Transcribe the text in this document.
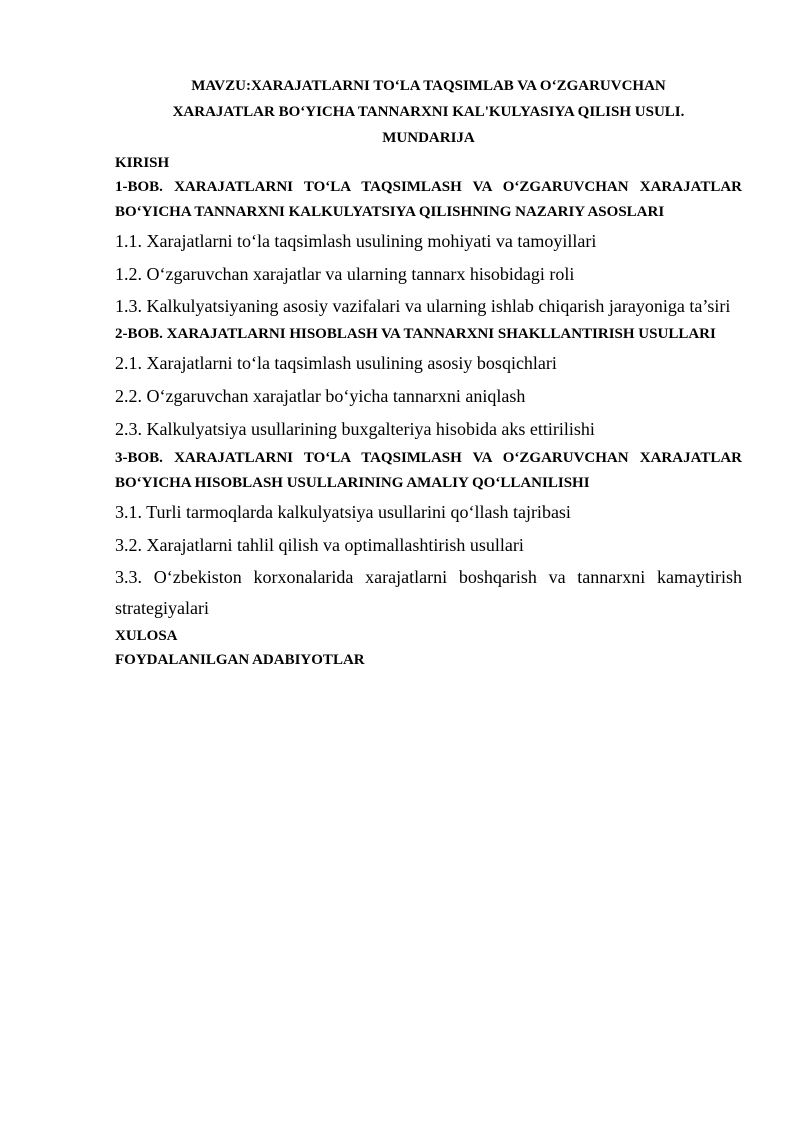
MAVZU:XARAJATLARNI TO‘LA TAQSIMLAB VA O‘ZGARUVCHAN
XARAJATLAR BO‘YICHA TANNARXNI KAL'KULYASIYA QILISH USULI.
MUNDARIJA
KIRISH
1-BOB. XARAJATLARNI TO‘LA TAQSIMLASH VA O‘ZGARUVCHAN XARAJATLAR BO‘YICHA TANNARXNI KALKULYATSIYA QILISHNING NAZARIY ASOSLARI
1.1. Xarajatlarni to‘la taqsimlash usulining mohiyati va tamoyillari
1.2. O‘zgaruvchan xarajatlar va ularning tannarx hisobidagi roli
1.3. Kalkulyatsiyaning asosiy vazifalari va ularning ishlab chiqarish jarayoniga ta’siri
2-BOB. XARAJATLARNI HISOBLASH VA TANNARXNI SHAKLLANTIRISH USULLARI
2.1. Xarajatlarni to‘la taqsimlash usulining asosiy bosqichlari
2.2. O‘zgaruvchan xarajatlar bo‘yicha tannarxni aniqlash
2.3. Kalkulyatsiya usullarining buxgalteriya hisobida aks ettirilishi
3-BOB. XARAJATLARNI TO‘LA TAQSIMLASH VA O‘ZGARUVCHAN XARAJATLAR BO‘YICHA HISOBLASH USULLARINING AMALIY QO‘LLANILISHI
3.1. Turli tarmoqlarda kalkulyatsiya usullarini qo‘llash tajribasi
3.2. Xarajatlarni tahlil qilish va optimallashtirish usullari
3.3. O‘zbekiston korxonalarida xarajatlarni boshqarish va tannarxni kamaytirish strategiyalari
XULOSA
FOYDALANILGAN ADABIYOTLAR
